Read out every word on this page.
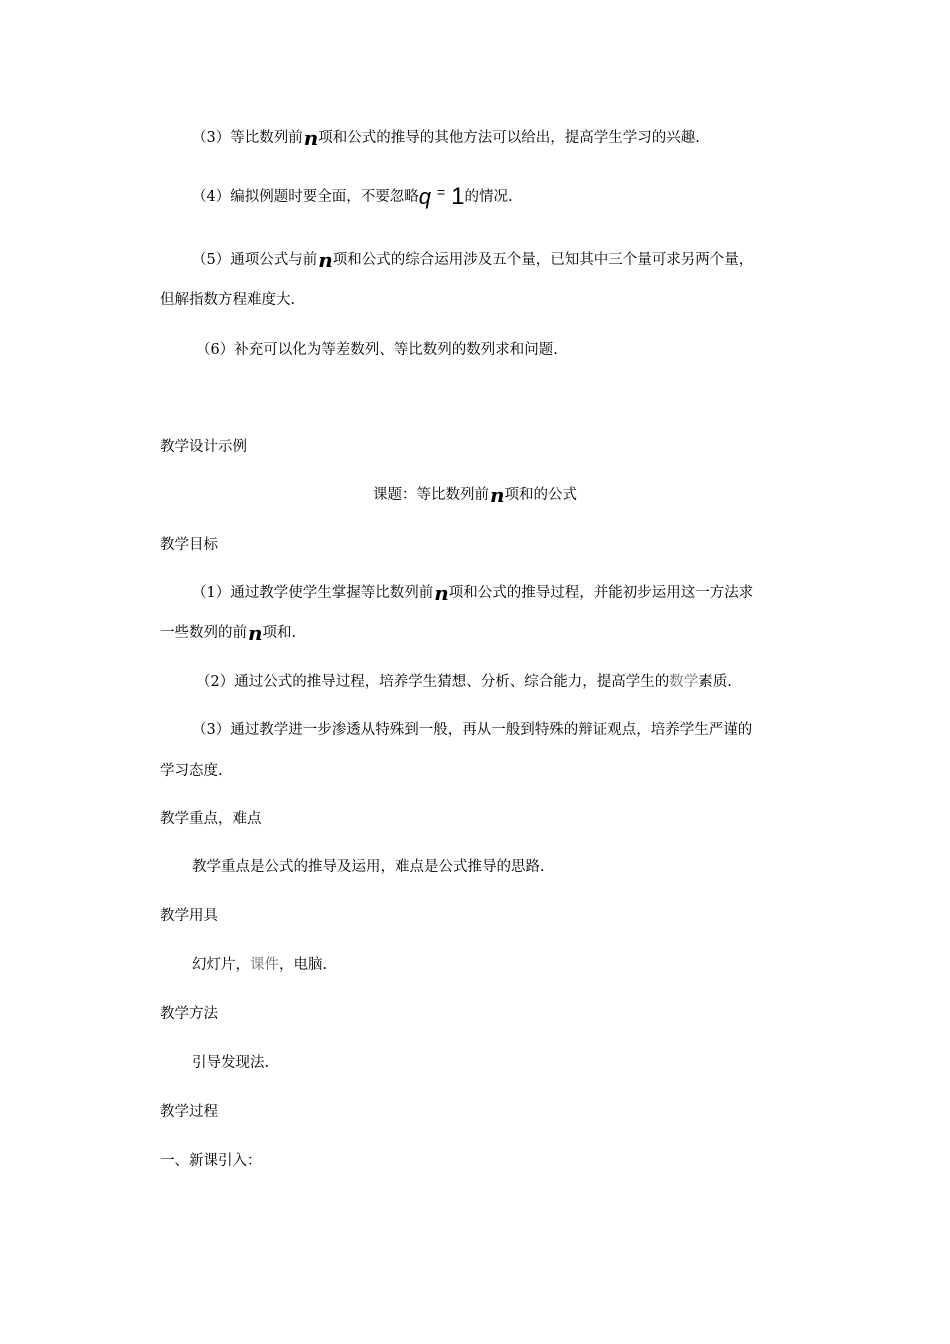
（3）等比数列前n项和公式的推导的其他方法可以给出，提高学生学习的兴趣.
（4）编拟例题时要全面，不要忽略q = 1的情况.
（5）通项公式与前n项和公式的综合运用涉及五个量，已知其中三个量可求另两个量，
但解指数方程难度大.
（6）补充可以化为等差数列、等比数列的数列求和问题.
教学设计示例
课题：等比数列前n项和的公式
教学目标
（1）通过教学使学生掌握等比数列前n项和公式的推导过程，并能初步运用这一方法求
一些数列的前n项和.
（2）通过公式的推导过程，培养学生猜想、分析、综合能力，提高学生的数学素质.
（3）通过教学进一步渗透从特殊到一般，再从一般到特殊的辩证观点，培养学生严谨的
学习态度.
教学重点，难点
教学重点是公式的推导及运用，难点是公式推导的思路.
教学用具
幻灯片，课件，电脑.
教学方法
引导发现法.
教学过程
一、新课引入：
